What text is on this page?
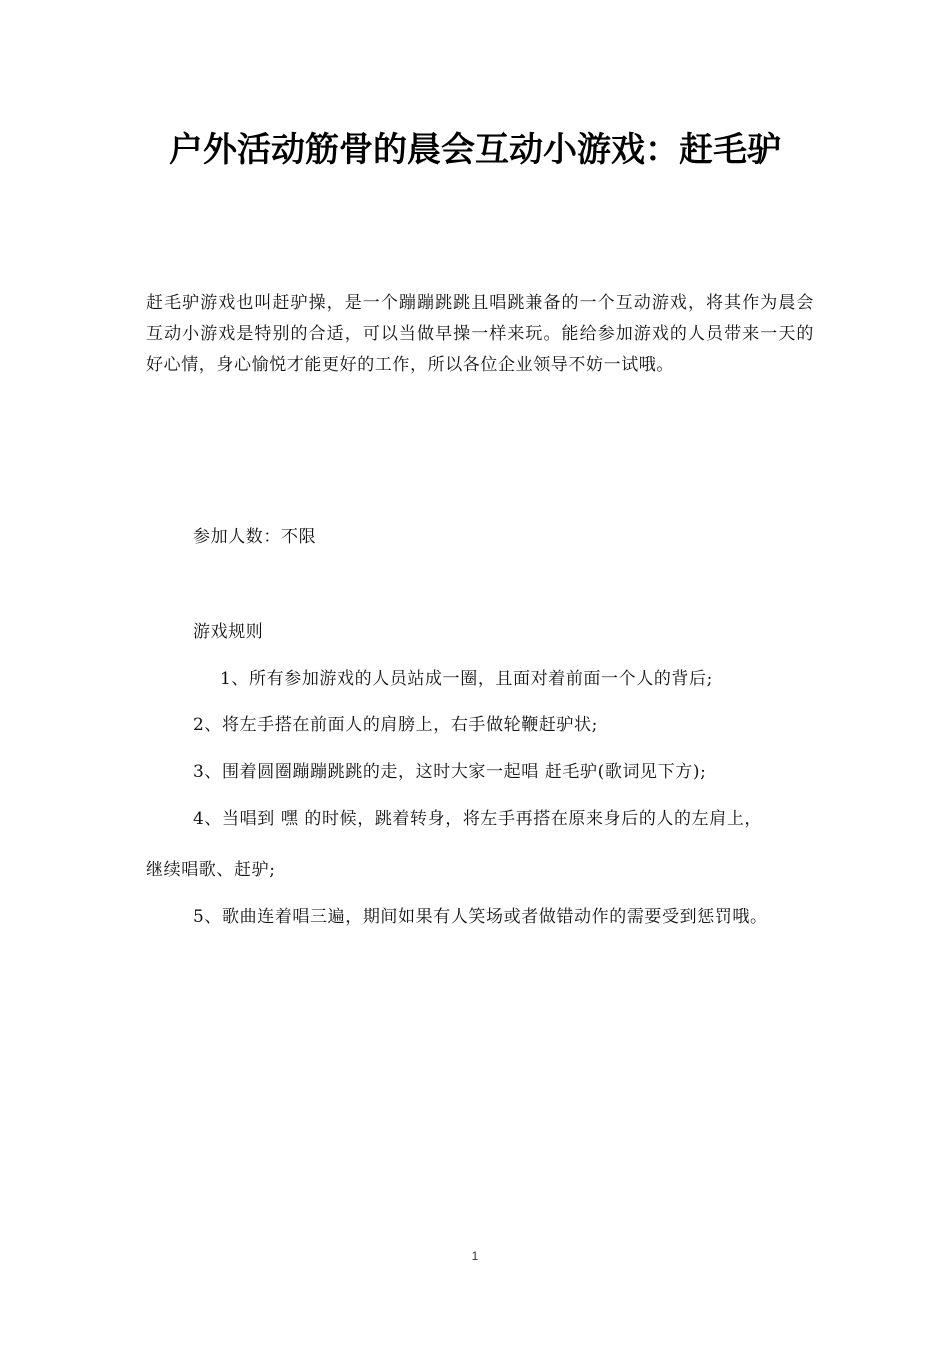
户外活动筋骨的晨会互动小游戏：赶毛驴

赶毛驴游戏也叫赶驴操，是一个蹦蹦跳跳且唱跳兼备的一个互动游戏，将其作为晨会互动小游戏是特别的合适，可以当做早操一样来玩。能给参加游戏的人员带来一天的好心情，身心愉悦才能更好的工作，所以各位企业领导不妨一试哦。

参加人数：不限

游戏规则

1、所有参加游戏的人员站成一圈，且面对着前面一个人的背后;

2、将左手搭在前面人的肩膀上，右手做轮鞭赶驴状;

3、围着圆圈蹦蹦跳跳的走，这时大家一起唱 赶毛驴(歌词见下方);

4、当唱到 嘿 的时候，跳着转身，将左手再搭在原来身后的人的左肩上，

继续唱歌、赶驴;

5、歌曲连着唱三遍，期间如果有人笑场或者做错动作的需要受到惩罚哦。

1
